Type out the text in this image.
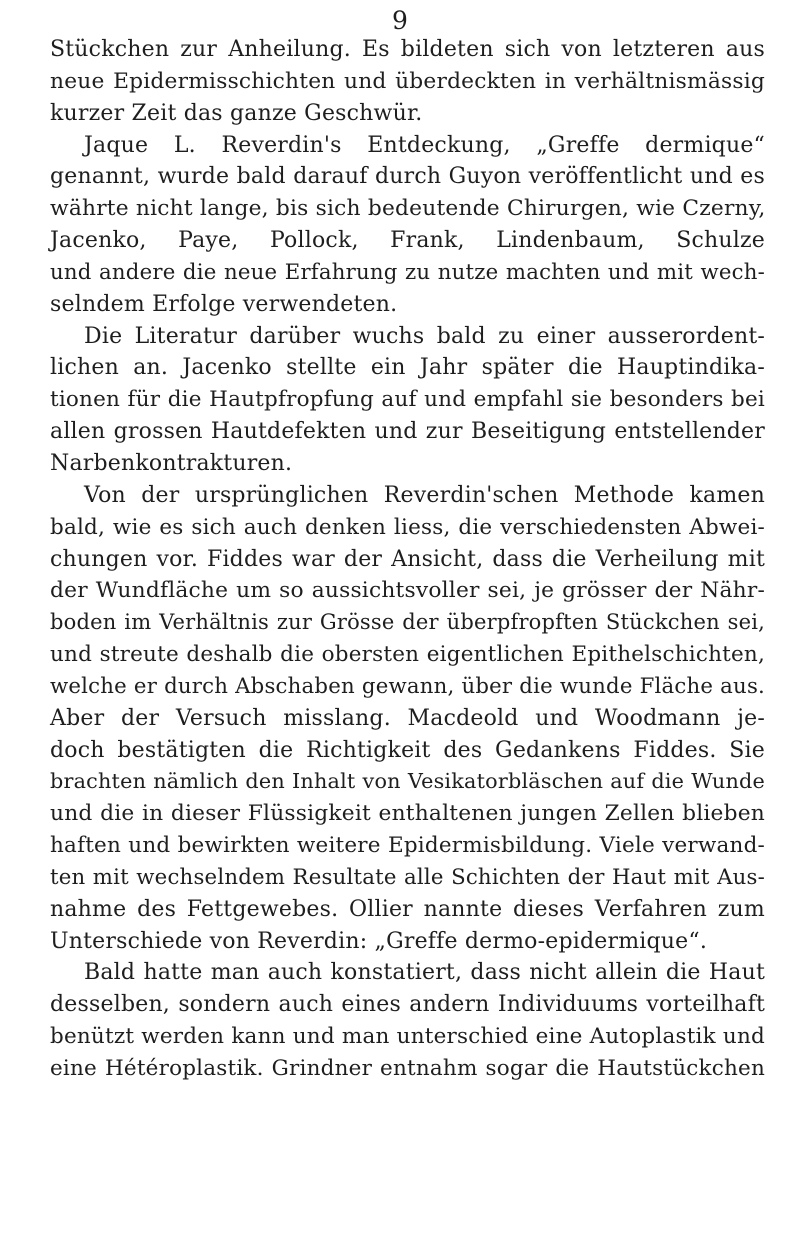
9
Stückchen zur Anheilung. Es bildeten sich von letzteren aus
neue Epidermisschichten und überdeckten in verhältnismässig
kurzer Zeit das ganze Geschwür.
Jaque L. Reverdin's Entdeckung, „Greffe dermique“
genannt, wurde bald darauf durch Guyon veröffentlicht und es
währte nicht lange, bis sich bedeutende Chirurgen, wie Czerny,
Jacenko, Paye, Pollock, Frank, Lindenbaum, Schulze
und andere die neue Erfahrung zu nutze machten und mit wech-
selndem Erfolge verwendeten.
Die Literatur darüber wuchs bald zu einer ausserordent-
lichen an. Jacenko stellte ein Jahr später die Hauptindika-
tionen für die Hautpfropfung auf und empfahl sie besonders bei
allen grossen Hautdefekten und zur Beseitigung entstellender
Narbenkontrakturen.
Von der ursprünglichen Reverdin'schen Methode kamen
bald, wie es sich auch denken liess, die verschiedensten Abwei-
chungen vor. Fiddes war der Ansicht, dass die Verheilung mit
der Wundfläche um so aussichtsvoller sei, je grösser der Nähr-
boden im Verhältnis zur Grösse der überpfropften Stückchen sei,
und streute deshalb die obersten eigentlichen Epithelschichten,
welche er durch Abschaben gewann, über die wunde Fläche aus.
Aber der Versuch misslang. Macdeold und Woodmann je-
doch bestätigten die Richtigkeit des Gedankens Fiddes. Sie
brachten nämlich den Inhalt von Vesikatorbläschen auf die Wunde
und die in dieser Flüssigkeit enthaltenen jungen Zellen blieben
haften und bewirkten weitere Epidermisbildung. Viele verwand-
ten mit wechselndem Resultate alle Schichten der Haut mit Aus-
nahme des Fettgewebes. Ollier nannte dieses Verfahren zum
Unterschiede von Reverdin: „Greffe dermo-epidermique“.
Bald hatte man auch konstatiert, dass nicht allein die Haut
desselben, sondern auch eines andern Individuums vorteilhaft
benützt werden kann und man unterschied eine Autoplastik und
eine Hétéroplastik. Grindner entnahm sogar die Hautstückchen
